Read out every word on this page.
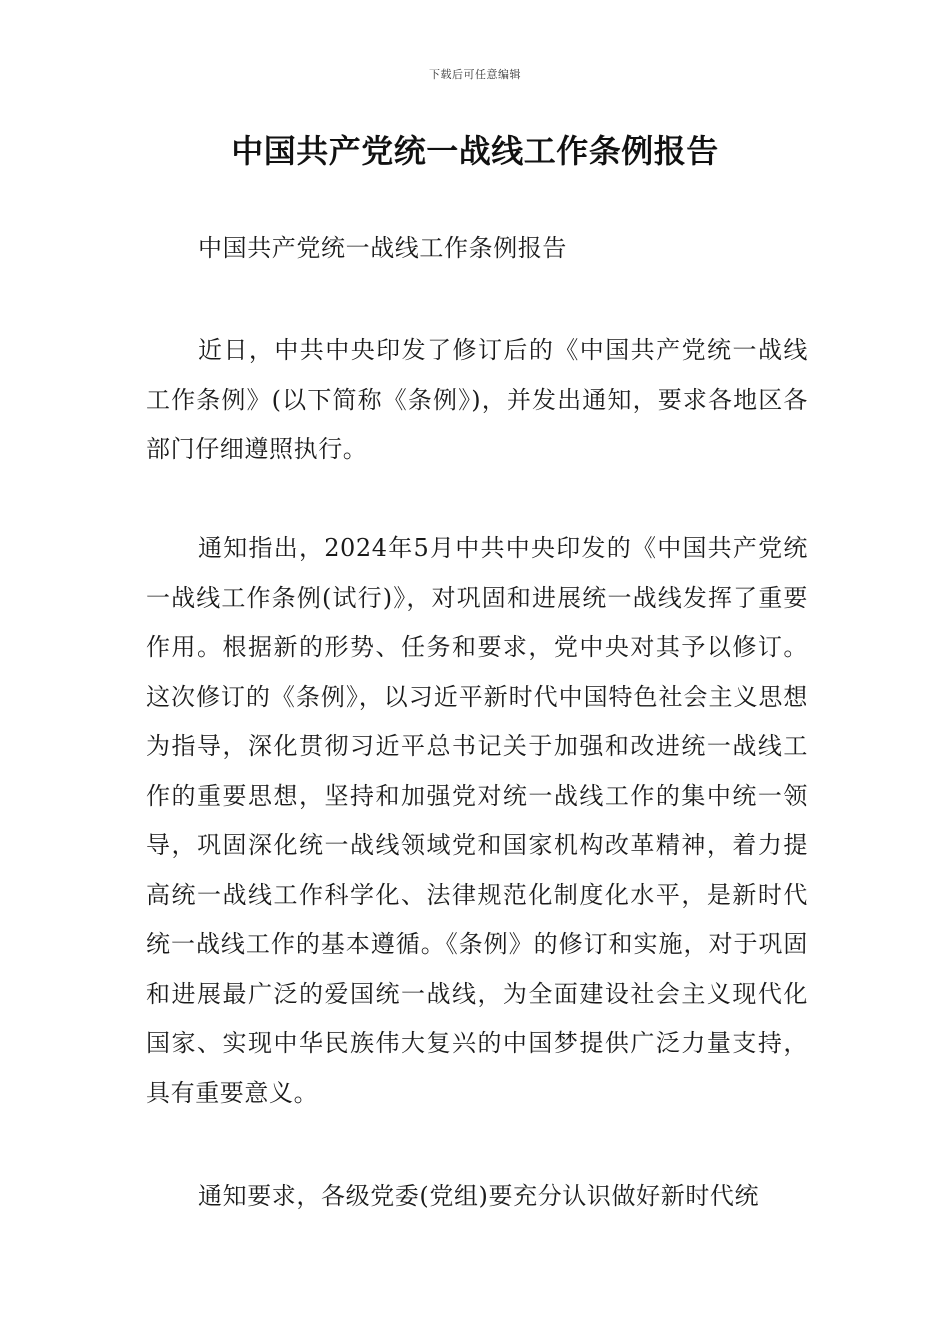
下载后可任意编辑
中国共产党统一战线工作条例报告

中国共产党统一战线工作条例报告

近日，中共中央印发了修订后的《中国共产党统一战线工作条例》(以下简称《条例》)，并发出通知，要求各地区各部门仔细遵照执行。

通知指出，2024年5月中共中央印发的《中国共产党统一战线工作条例(试行)》，对巩固和进展统一战线发挥了重要作用。根据新的形势、任务和要求，党中央对其予以修订。这次修订的《条例》，以习近平新时代中国特色社会主义思想为指导，深化贯彻习近平总书记关于加强和改进统一战线工作的重要思想，坚持和加强党对统一战线工作的集中统一领导，巩固深化统一战线领域党和国家机构改革精神，着力提高统一战线工作科学化、法律规范化制度化水平，是新时代统一战线工作的基本遵循。《条例》的修订和实施，对于巩固和进展最广泛的爱国统一战线，为全面建设社会主义现代化国家、实现中华民族伟大复兴的中国梦提供广泛力量支持，具有重要意义。

通知要求，各级党委(党组)要充分认识做好新时代统
